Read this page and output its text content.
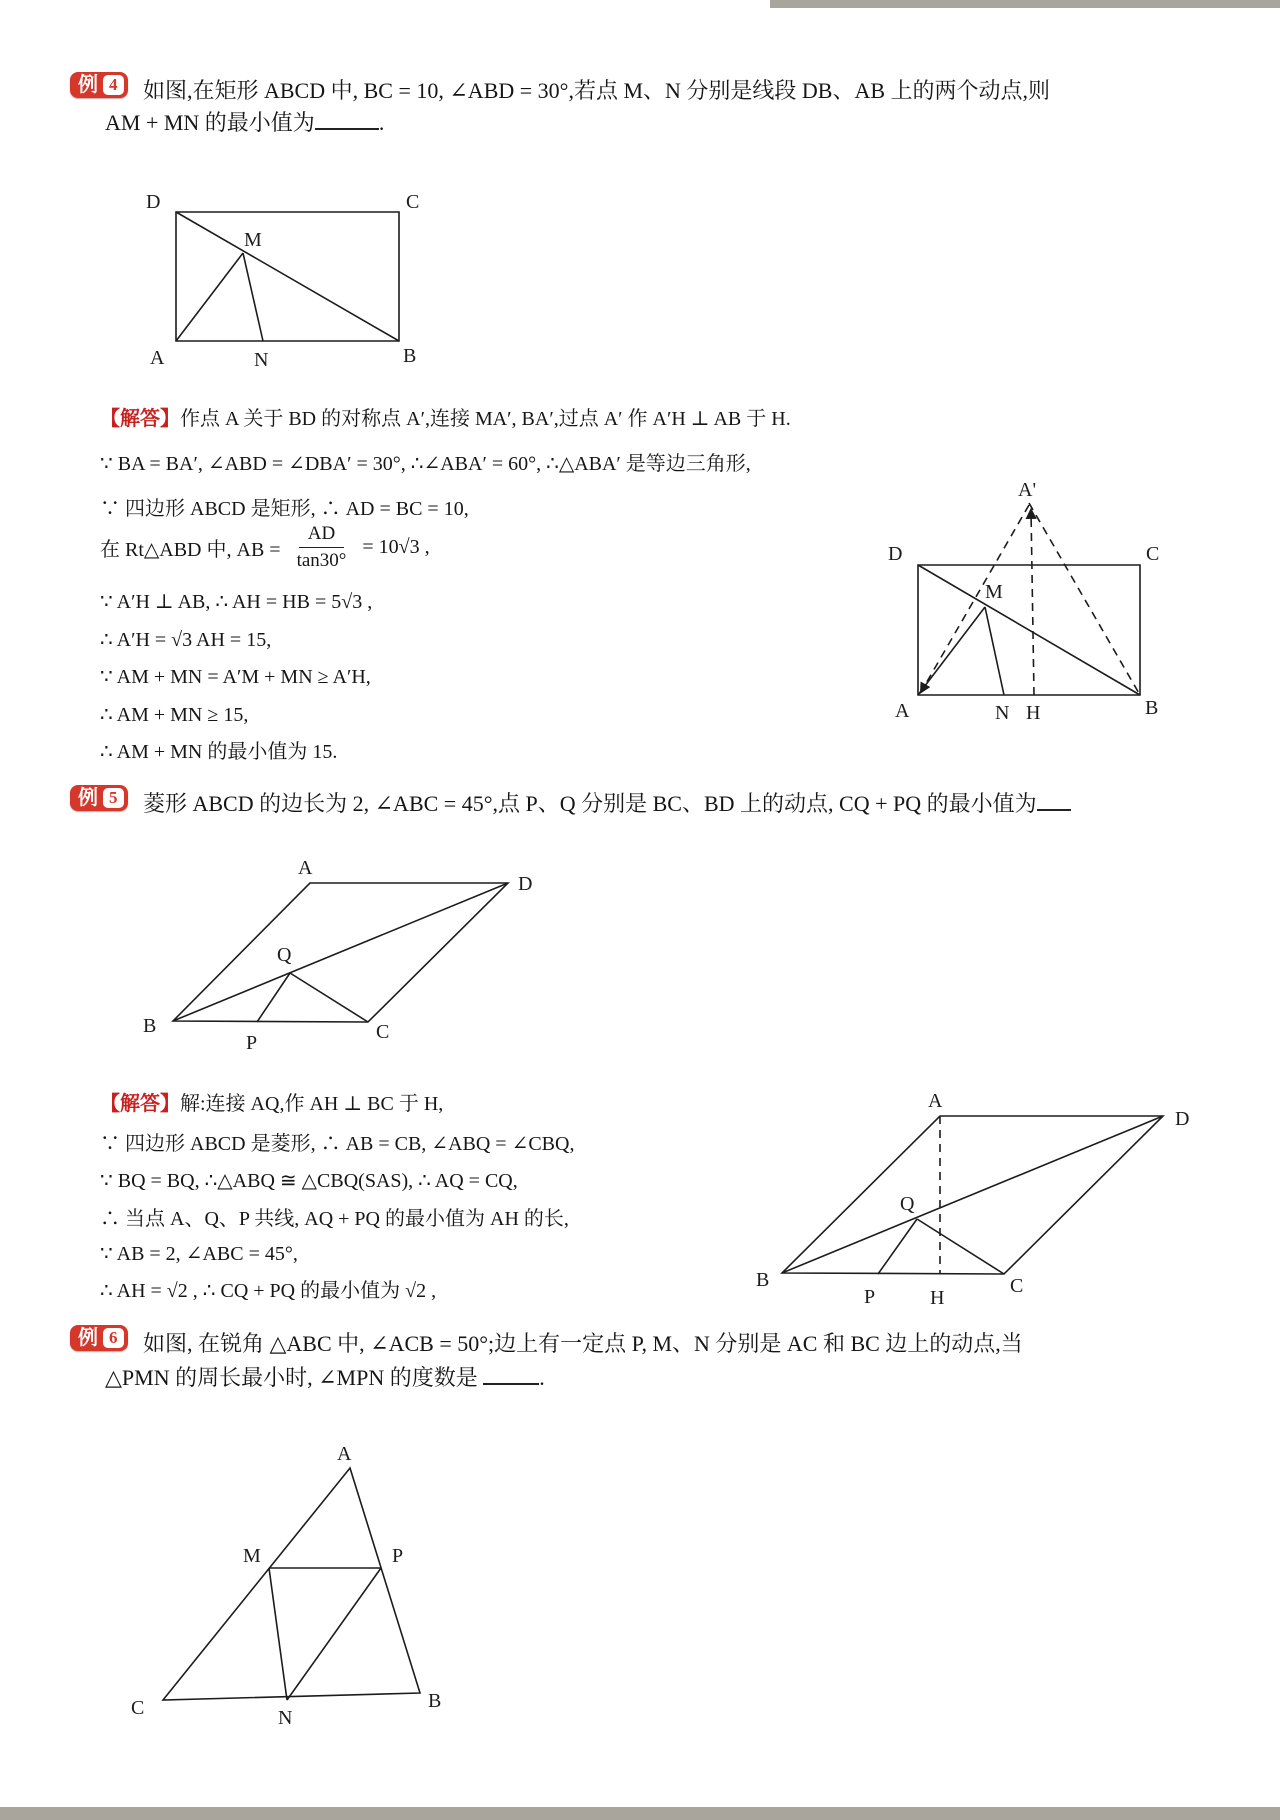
例 4 如图,在矩形 ABCD 中, BC = 10, ∠ABD = 30°,若点 M、N 分别是线段 DB、AB 上的两个动点,则
AM + MN 的最小值为	.
D	C
A	B
M
N
【解答】作点 A 关于 BD 的对称点 A′,连接 MA′, BA′,过点 A′ 作 A′H ⊥ AB 于 H.
∵ BA = BA′, ∠ABD = ∠DBA′ = 30°, ∴∠ABA′ = 60°, ∴△ABA′ 是等边三角形,
∵ 四边形 ABCD 是矩形, ∴ AD = BC = 10,
在 Rt△ABD 中, AB = $\frac{AD}{\tan 30^\circ} = 10√3$ ,
∵ A′H ⊥ AB, ∴ AH = HB = 5√3 ,
∴ A′H = √3 AH = 15,
∵ AM + MN = A′M + MN ≥ A′H,
∴ AM + MN ≥ 15,
∴ AM + MN 的最小值为 15.
A'
D	C
A	B
M
N H
例 5 菱形 ABCD 的边长为 2, ∠ABC = 45°,点 P、Q 分别是 BC、BD 上的动点, CQ + PQ 的最小值为
A
D
B	C
Q
P
【解答】解:连接 AQ,作 AH ⊥ BC 于 H,
∵ 四边形 ABCD 是菱形, ∴ AB = CB, ∠ABQ = ∠CBQ,
∵ BQ = BQ, ∴△ABQ ≅ △CBQ(SAS), ∴ AQ = CQ,
∴ 当点 A、Q、P 共线, AQ + PQ 的最小值为 AH 的长,
∵ AB = 2, ∠ABC = 45°,
∴ AH = √2 , ∴ CQ + PQ 的最小值为 √2 ,
A
D
B	C
Q
P	H
例 6 如图, 在锐角 △ABC 中, ∠ACB = 50°;边上有一定点 P, M、N 分别是 AC 和 BC 边上的动点,当
△PMN 的周长最小时, ∠MPN 的度数是	.
A
C	B
M	P
N
